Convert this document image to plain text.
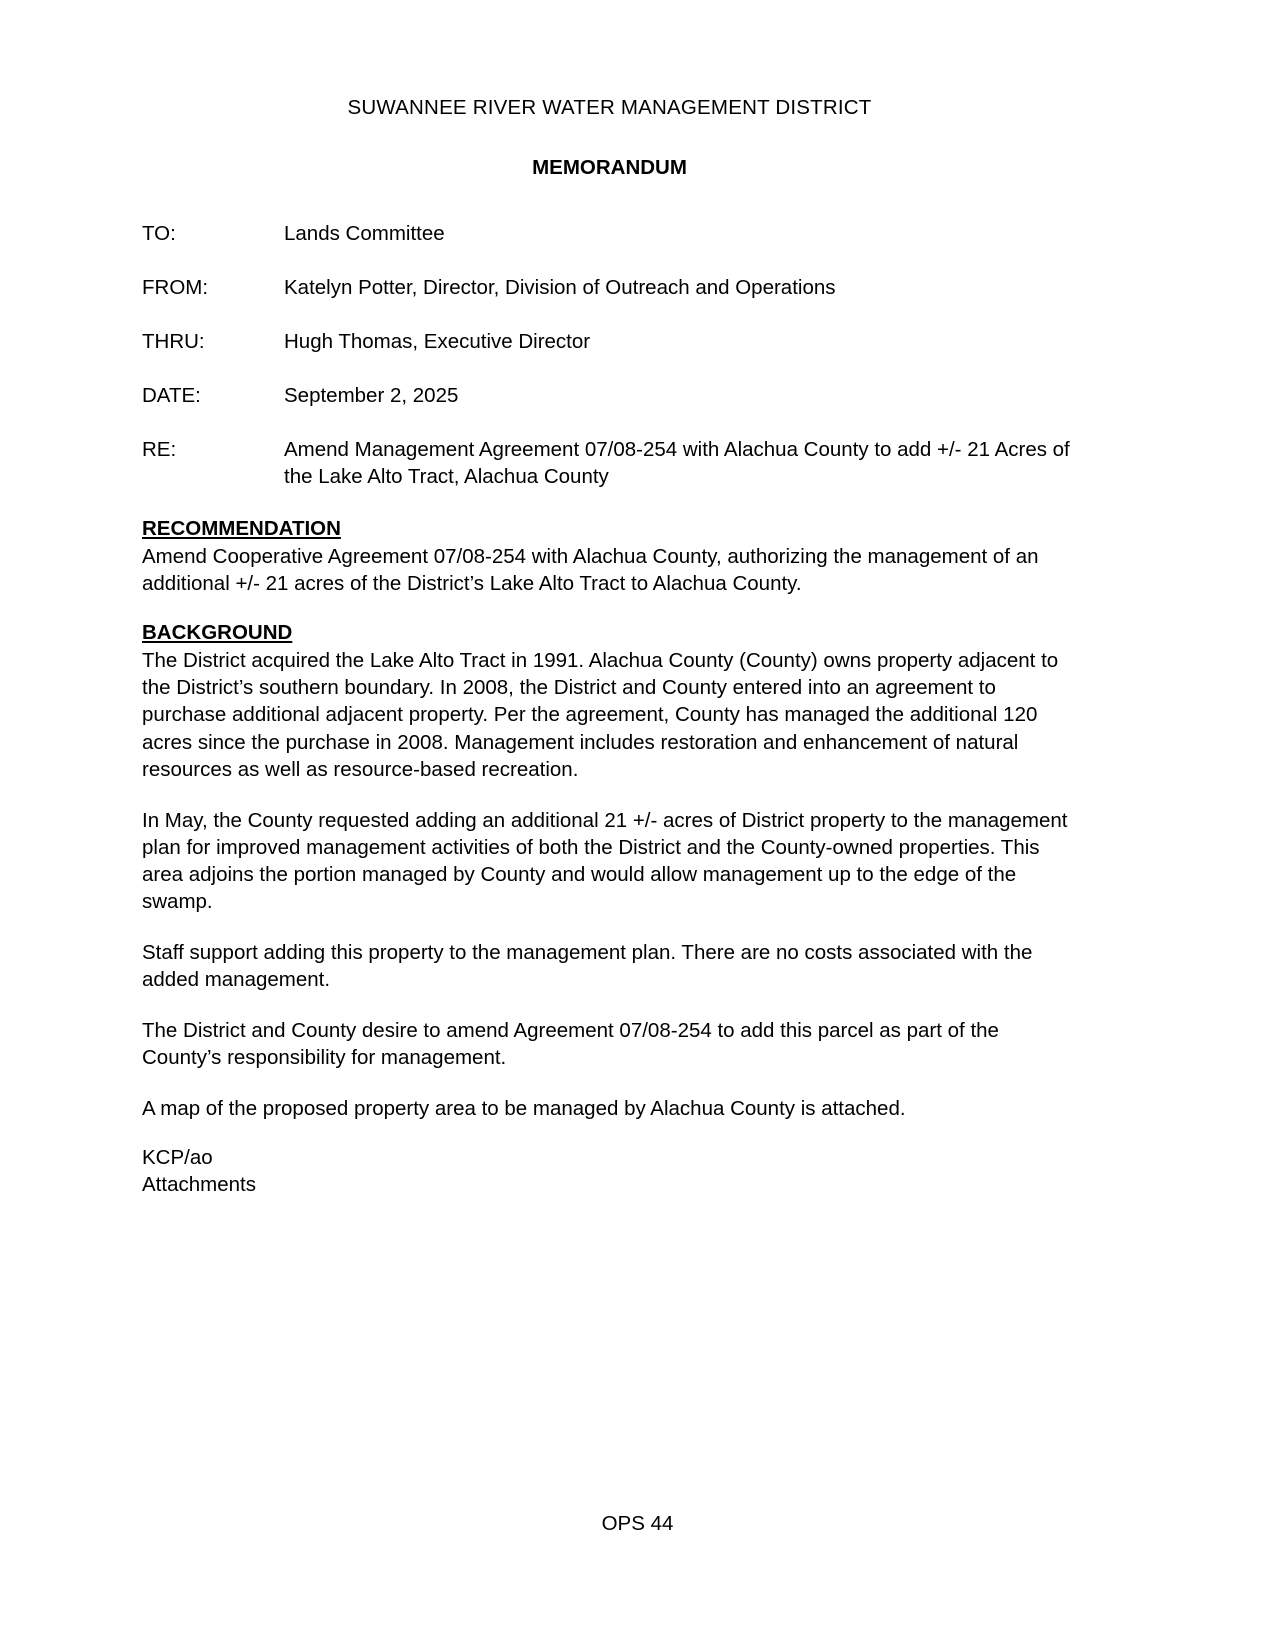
SUWANNEE RIVER WATER MANAGEMENT DISTRICT
MEMORANDUM
TO:	Lands Committee
FROM:	Katelyn Potter, Director, Division of Outreach and Operations
THRU:	Hugh Thomas, Executive Director
DATE:	September 2, 2025
RE:	Amend Management Agreement 07/08-254 with Alachua County to add +/- 21 Acres of the Lake Alto Tract, Alachua County
RECOMMENDATION

Amend Cooperative Agreement 07/08-254 with Alachua County, authorizing the management of an additional +/- 21 acres of the District’s Lake Alto Tract to Alachua County.

BACKGROUND

The District acquired the Lake Alto Tract in 1991. Alachua County (County) owns property adjacent to the District’s southern boundary. In 2008, the District and County entered into an agreement to purchase additional adjacent property. Per the agreement, County has managed the additional 120 acres since the purchase in 2008. Management includes restoration and enhancement of natural resources as well as resource-based recreation.

In May, the County requested adding an additional 21 +/- acres of District property to the management plan for improved management activities of both the District and the County-owned properties. This area adjoins the portion managed by County and would allow management up to the edge of the swamp.

Staff support adding this property to the management plan. There are no costs associated with the added management.

The District and County desire to amend Agreement 07/08-254 to add this parcel as part of the County’s responsibility for management.

A map of the proposed property area to be managed by Alachua County is attached.

KCP/ao
Attachments
OPS 44
